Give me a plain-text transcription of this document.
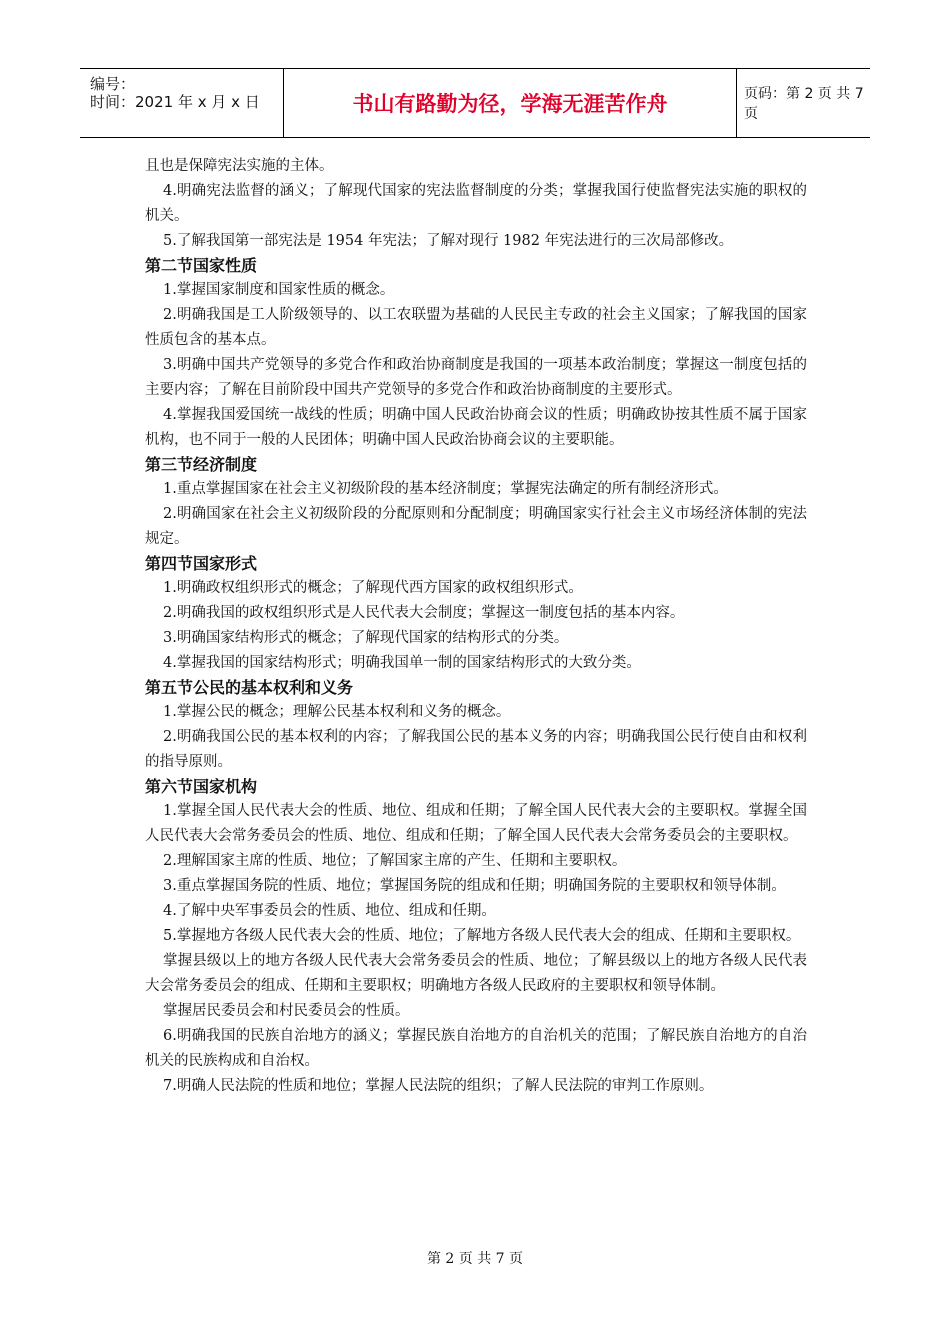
编号：
时间：2021 年 x 月 x 日	书山有路勤为径，学海无涯苦作舟	页码：第 2 页 共 7 页
且也是保障宪法实施的主体。
4.明确宪法监督的涵义；了解现代国家的宪法监督制度的分类；掌握我国行使监督宪法实施的职权的机关。
5.了解我国第一部宪法是 1954 年宪法；了解对现行 1982 年宪法进行的三次局部修改。
第二节国家性质
1.掌握国家制度和国家性质的概念。
2.明确我国是工人阶级领导的、以工农联盟为基础的人民民主专政的社会主义国家；了解我国的国家性质包含的基本点。
3.明确中国共产党领导的多党合作和政治协商制度是我国的一项基本政治制度；掌握这一制度包括的主要内容；了解在目前阶段中国共产党领导的多党合作和政治协商制度的主要形式。
4.掌握我国爱国统一战线的性质；明确中国人民政治协商会议的性质；明确政协按其性质不属于国家机构，也不同于一般的人民团体；明确中国人民政治协商会议的主要职能。
第三节经济制度
1.重点掌握国家在社会主义初级阶段的基本经济制度；掌握宪法确定的所有制经济形式。
2.明确国家在社会主义初级阶段的分配原则和分配制度；明确国家实行社会主义市场经济体制的宪法规定。
第四节国家形式
1.明确政权组织形式的概念；了解现代西方国家的政权组织形式。
2.明确我国的政权组织形式是人民代表大会制度；掌握这一制度包括的基本内容。
3.明确国家结构形式的概念；了解现代国家的结构形式的分类。
4.掌握我国的国家结构形式；明确我国单一制的国家结构形式的大致分类。
第五节公民的基本权利和义务
1.掌握公民的概念；理解公民基本权利和义务的概念。
2.明确我国公民的基本权利的内容；了解我国公民的基本义务的内容；明确我国公民行使自由和权利的指导原则。
第六节国家机构
1.掌握全国人民代表大会的性质、地位、组成和任期；了解全国人民代表大会的主要职权。掌握全国人民代表大会常务委员会的性质、地位、组成和任期；了解全国人民代表大会常务委员会的主要职权。
2.理解国家主席的性质、地位；了解国家主席的产生、任期和主要职权。
3.重点掌握国务院的性质、地位；掌握国务院的组成和任期；明确国务院的主要职权和领导体制。
4.了解中央军事委员会的性质、地位、组成和任期。
5.掌握地方各级人民代表大会的性质、地位；了解地方各级人民代表大会的组成、任期和主要职权。
掌握县级以上的地方各级人民代表大会常务委员会的性质、地位；了解县级以上的地方各级人民代表大会常务委员会的组成、任期和主要职权；明确地方各级人民政府的主要职权和领导体制。
掌握居民委员会和村民委员会的性质。
6.明确我国的民族自治地方的涵义；掌握民族自治地方的自治机关的范围；了解民族自治地方的自治机关的民族构成和自治权。
7.明确人民法院的性质和地位；掌握人民法院的组织；了解人民法院的审判工作原则。
第 2 页 共 7 页
